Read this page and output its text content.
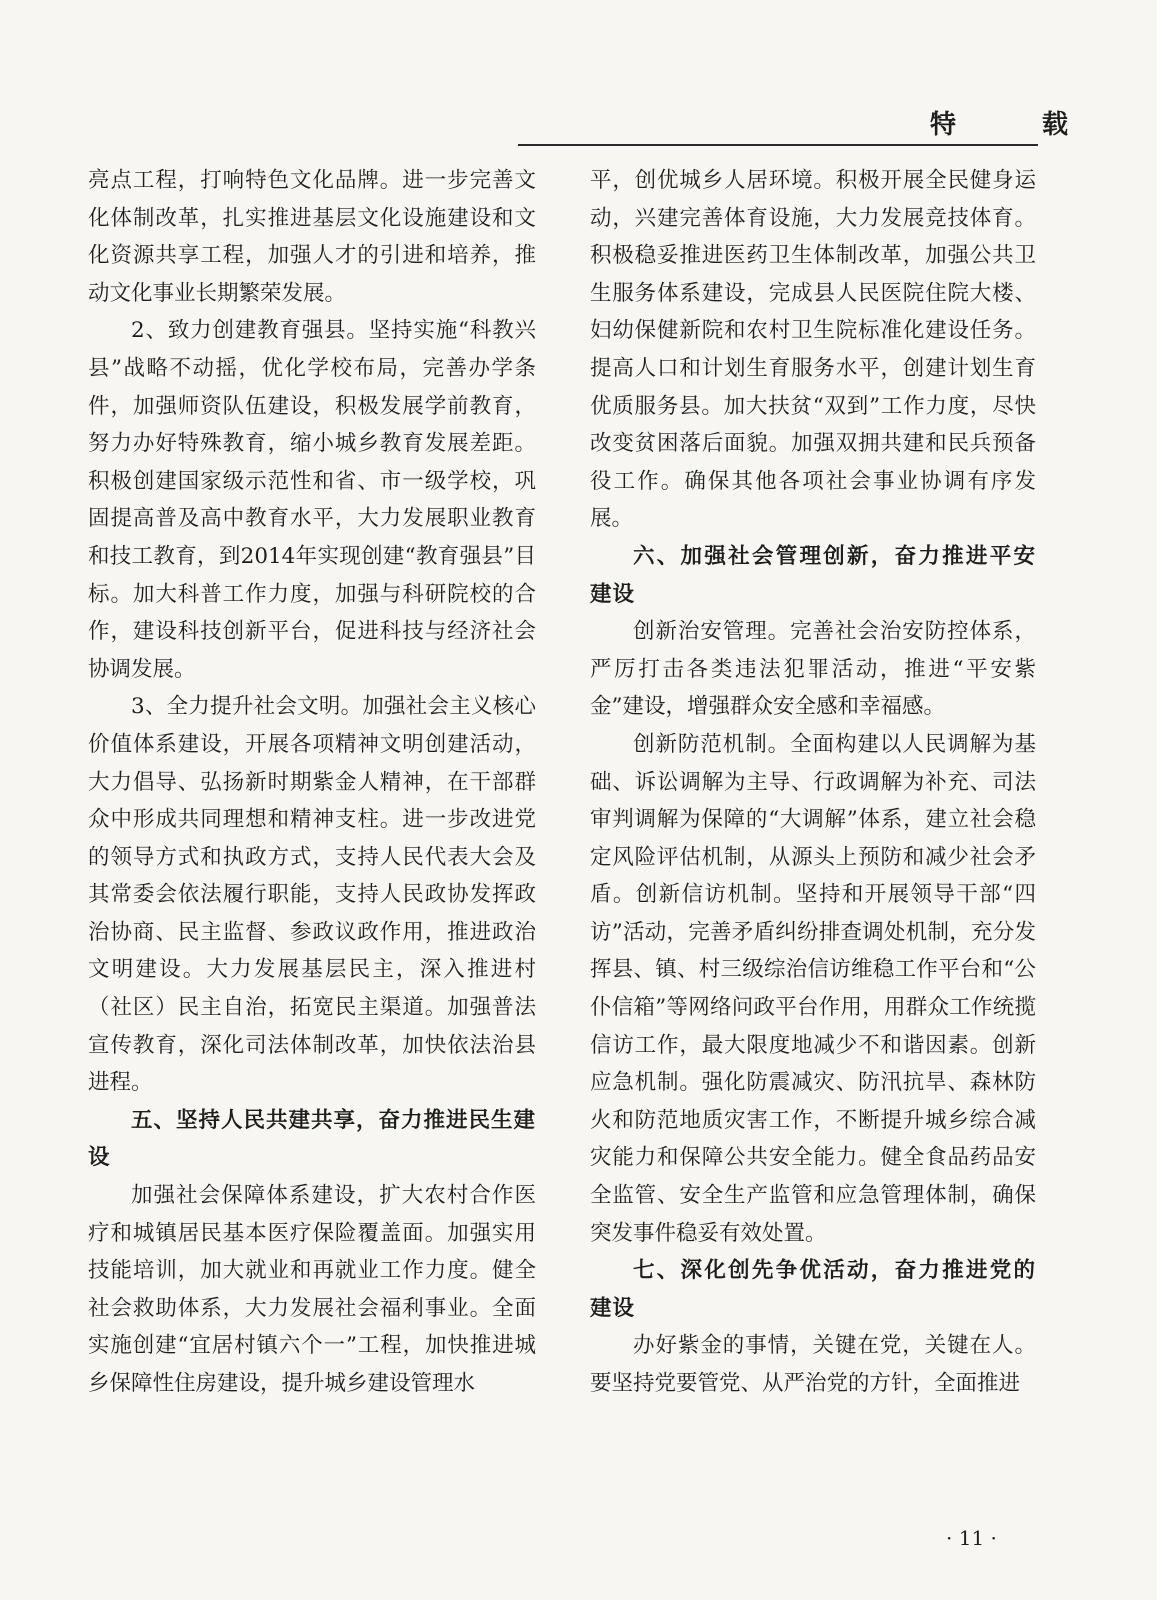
特　载

亮点工程，打响特色文化品牌。进一步完善文化体制改革，扎实推进基层文化设施建设和文化资源共享工程，加强人才的引进和培养，推动文化事业长期繁荣发展。

2、致力创建教育强县。坚持实施“科教兴县”战略不动摇，优化学校布局，完善办学条件，加强师资队伍建设，积极发展学前教育，努力办好特殊教育，缩小城乡教育发展差距。积极创建国家级示范性和省、市一级学校，巩固提高普及高中教育水平，大力发展职业教育和技工教育，到2014年实现创建“教育强县”目标。加大科普工作力度，加强与科研院校的合作，建设科技创新平台，促进科技与经济社会协调发展。

3、全力提升社会文明。加强社会主义核心价值体系建设，开展各项精神文明创建活动，大力倡导、弘扬新时期紫金人精神，在干部群众中形成共同理想和精神支柱。进一步改进党的领导方式和执政方式，支持人民代表大会及其常委会依法履行职能，支持人民政协发挥政治协商、民主监督、参政议政作用，推进政治文明建设。大力发展基层民主，深入推进村（社区）民主自治，拓宽民主渠道。加强普法宣传教育，深化司法体制改革，加快依法治县进程。

五、坚持人民共建共享，奋力推进民生建设

加强社会保障体系建设，扩大农村合作医疗和城镇居民基本医疗保险覆盖面。加强实用技能培训，加大就业和再就业工作力度。健全社会救助体系，大力发展社会福利事业。全面实施创建“宜居村镇六个一”工程，加快推进城乡保障性住房建设，提升城乡建设管理水

平，创优城乡人居环境。积极开展全民健身运动，兴建完善体育设施，大力发展竞技体育。积极稳妥推进医药卫生体制改革，加强公共卫生服务体系建设，完成县人民医院住院大楼、妇幼保健新院和农村卫生院标准化建设任务。提高人口和计划生育服务水平，创建计划生育优质服务县。加大扶贫“双到”工作力度，尽快改变贫困落后面貌。加强双拥共建和民兵预备役工作。确保其他各项社会事业协调有序发展。

六、加强社会管理创新，奋力推进平安建设

创新治安管理。完善社会治安防控体系，严厉打击各类违法犯罪活动，推进“平安紫金”建设，增强群众安全感和幸福感。

创新防范机制。全面构建以人民调解为基础、诉讼调解为主导、行政调解为补充、司法审判调解为保障的“大调解”体系，建立社会稳定风险评估机制，从源头上预防和减少社会矛盾。创新信访机制。坚持和开展领导干部“四访”活动，完善矛盾纠纷排查调处机制，充分发挥县、镇、村三级综治信访维稳工作平台和“公仆信箱”等网络问政平台作用，用群众工作统揽信访工作，最大限度地减少不和谐因素。创新应急机制。强化防震减灾、防汛抗旱、森林防火和防范地质灾害工作，不断提升城乡综合减灾能力和保障公共安全能力。健全食品药品安全监管、安全生产监管和应急管理体制，确保突发事件稳妥有效处置。

七、深化创先争优活动，奋力推进党的建设

办好紫金的事情，关键在党，关键在人。要坚持党要管党、从严治党的方针，全面推进

· 11 ·
